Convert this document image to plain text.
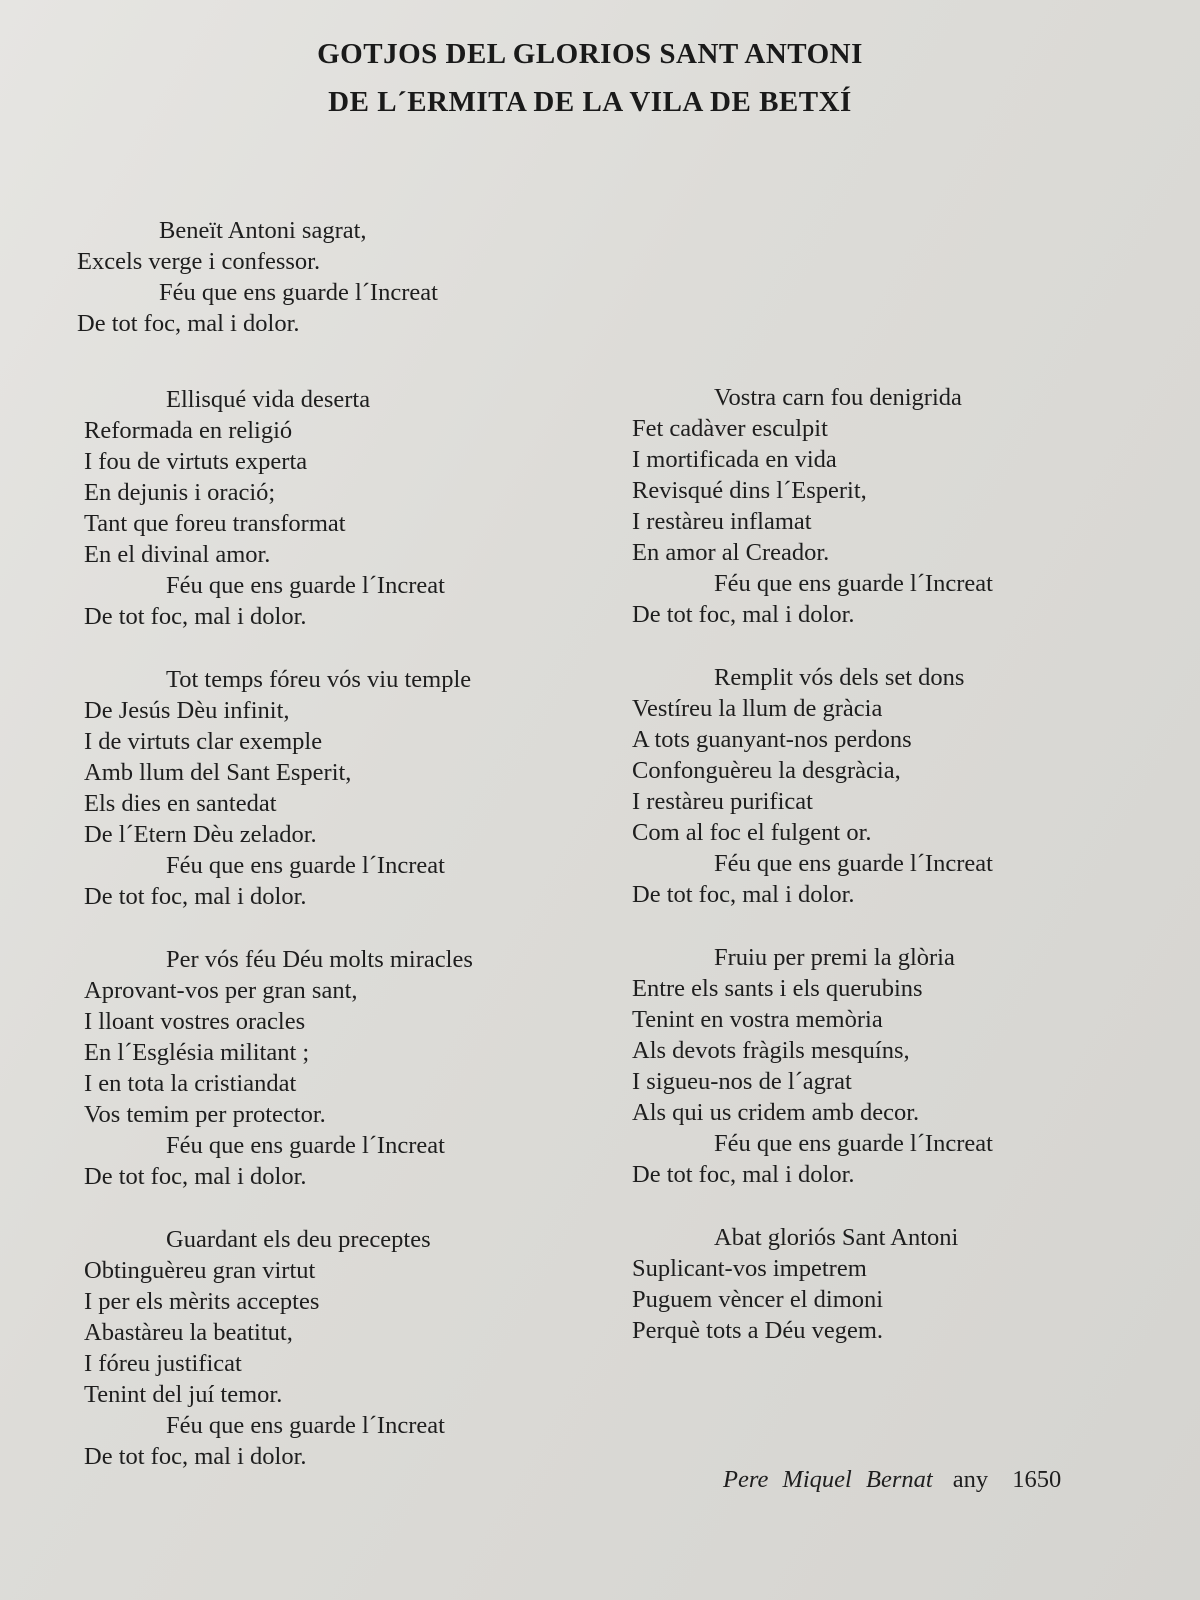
GOTJOS DEL GLORIOS SANT ANTONI
DE L´ERMITA DE LA VILA DE BETXÍ
Beneït Antoni sagrat,
Excels verge i confessor.
Féu que ens guarde l´Increat
De tot foc, mal i dolor.
Ellisqué vida deserta
Reformada en religió
I fou de virtuts experta
En dejunis i oració;
Tant que foreu transformat
En el divinal amor.
Féu que ens guarde l´Increat
De tot foc, mal i dolor.
Tot temps fóreu vós viu temple
De Jesús Dèu infinit,
I de virtuts clar exemple
Amb llum del Sant Esperit,
Els dies en santedat
De l´Etern Dèu zelador.
Féu que ens guarde l´Increat
De tot foc, mal i dolor.
Per vós féu Déu molts miracles
Aprovant-vos per gran sant,
I lloant vostres oracles
En l´Església militant ;
I en tota la cristiandat
Vos temim per protector.
Féu que ens guarde l´Increat
De tot foc, mal i dolor.
Guardant els deu preceptes
Obtinguèreu gran virtut
I per els mèrits acceptes
Abastàreu la beatitut,
I fóreu justificat
Tenint del juí temor.
Féu que ens guarde l´Increat
De tot foc, mal i dolor.
Vostra carn fou denigrida
Fet cadàver esculpit
I mortificada en vida
Revisqué dins l´Esperit,
I restàreu inflamat
En amor al Creador.
Féu que ens guarde l´Increat
De tot foc, mal i dolor.
Remplit vós dels set dons
Vestíreu la llum de gràcia
A tots guanyant-nos perdons
Confonguèreu la desgràcia,
I restàreu purificat
Com al foc el fulgent or.
Féu que ens guarde l´Increat
De tot foc, mal i dolor.
Fruiu per premi la glòria
Entre els sants i els querubins
Tenint en vostra memòria
Als devots fràgils mesquíns,
I sigueu-nos de l´agrat
Als qui us cridem amb decor.
Féu que ens guarde l´Increat
De tot foc, mal i dolor.
Abat gloriós Sant Antoni
Suplicant-vos impetrem
Puguem vèncer el dimoni
Perquè tots a Déu vegem.
Pere Miquel Bernat any 1650
